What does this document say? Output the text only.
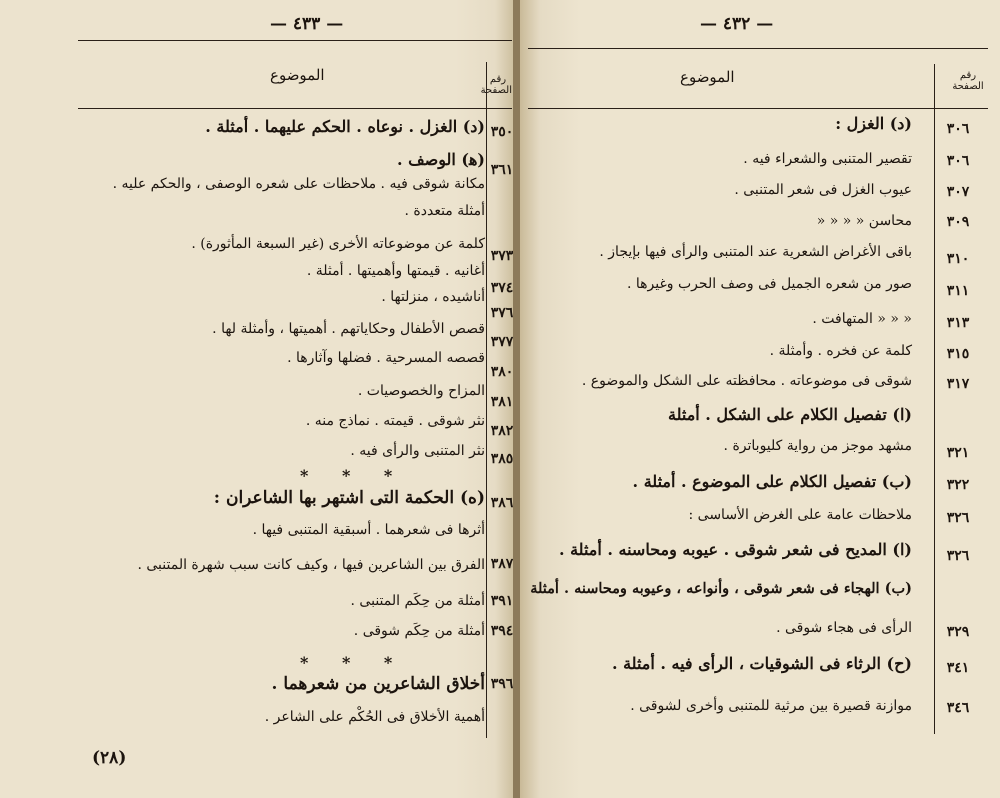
— ٤٣٣ —
الموضوع	رقم الصفحة
٣٥٠
(د) الغزل . نوعاه . الحكم عليهما . أمثلة .
٣٦١
(ﻫ) الوصف .
مكانة شوقى فيه . ملاحظات على شعره الوصفى ، والحكم عليه .
أمثلة متعددة .
كلمة عن موضوعاته الأخرى (غير السبعة المأثورة) .
٣٧٣
أغانيه . قيمتها وأهميتها . أمثلة .
٣٧٤
أناشيده ، منزلتها .
٣٧٦
قصص الأطفال وحكاياتهم . أهميتها ، وأمثلة لها .
٣٧٧
قصصه المسرحية . فضلها وآثارها .
٣٨٠
المزاح والخصوصيات .
٣٨١
نثر شوقى . قيمته . نماذج منه .
٣٨٢
نثر المتنبى والرأى فيه . ٣٨٥
* * *
٣٨٦
(ه) الحكمة التى اشتهر بها الشاعران :
أثرها فى شعرهما . أسبقية المتنبى فيها .
٣٨٧
الفرق بين الشاعرين فيها ، وكيف كانت سبب شهرة المتنبى .
٣٩١
أمثلة من حِكَم المتنبى .
٣٩٤
أمثلة من حِكَم شوقى .
* * *
٣٩٦
أخلاق الشاعرين من شعرهما .
أهمية الأخلاق فى الحُكْم على الشاعر .
(٢٨)
— ٤٣٢ —
الموضوع	رقم الصفحة
٣٠٦
(د) الغزل :
٣٠٦
تقصير المتنبى والشعراء فيه .
٣٠٧
عيوب الغزل فى شعر المتنبى .
٣٠٩
محاسن « « « «
٣١٠
باقى الأغراض الشعرية عند المتنبى والرأى فيها بإيجاز .
٣١١
صور من شعره الجميل فى وصف الحرب وغيرها .
٣١٣
« « « المتهافت .
٣١٥
كلمة عن فخره . وأمثلة .
٣١٧
شوقى فى موضوعاته . محافظته على الشكل والموضوع .
(ا) تفصيل الكلام على الشكل . أمثلة
٣٢١
مشهد موجز من رواية كليوباترة .
٣٢٢
(ب) تفصيل الكلام على الموضوع . أمثلة .
٣٢٦
ملاحظات عامة على الغرض الأساسى :
٣٢٦
(ا) المديح فى شعر شوقى . عيوبه ومحاسنه . أمثلة .
(ب) الهجاء فى شعر شوقى ، وأنواعه ، وعيوبه ومحاسنه . أمثلة
٣٢٩
الرأى فى هجاء شوقى .
٣٤١
(ح) الرثاء فى الشوقيات ، الرأى فيه . أمثلة .
٣٤٦
موازنة قصيرة بين مرثية للمتنبى وأخرى لشوقى .
